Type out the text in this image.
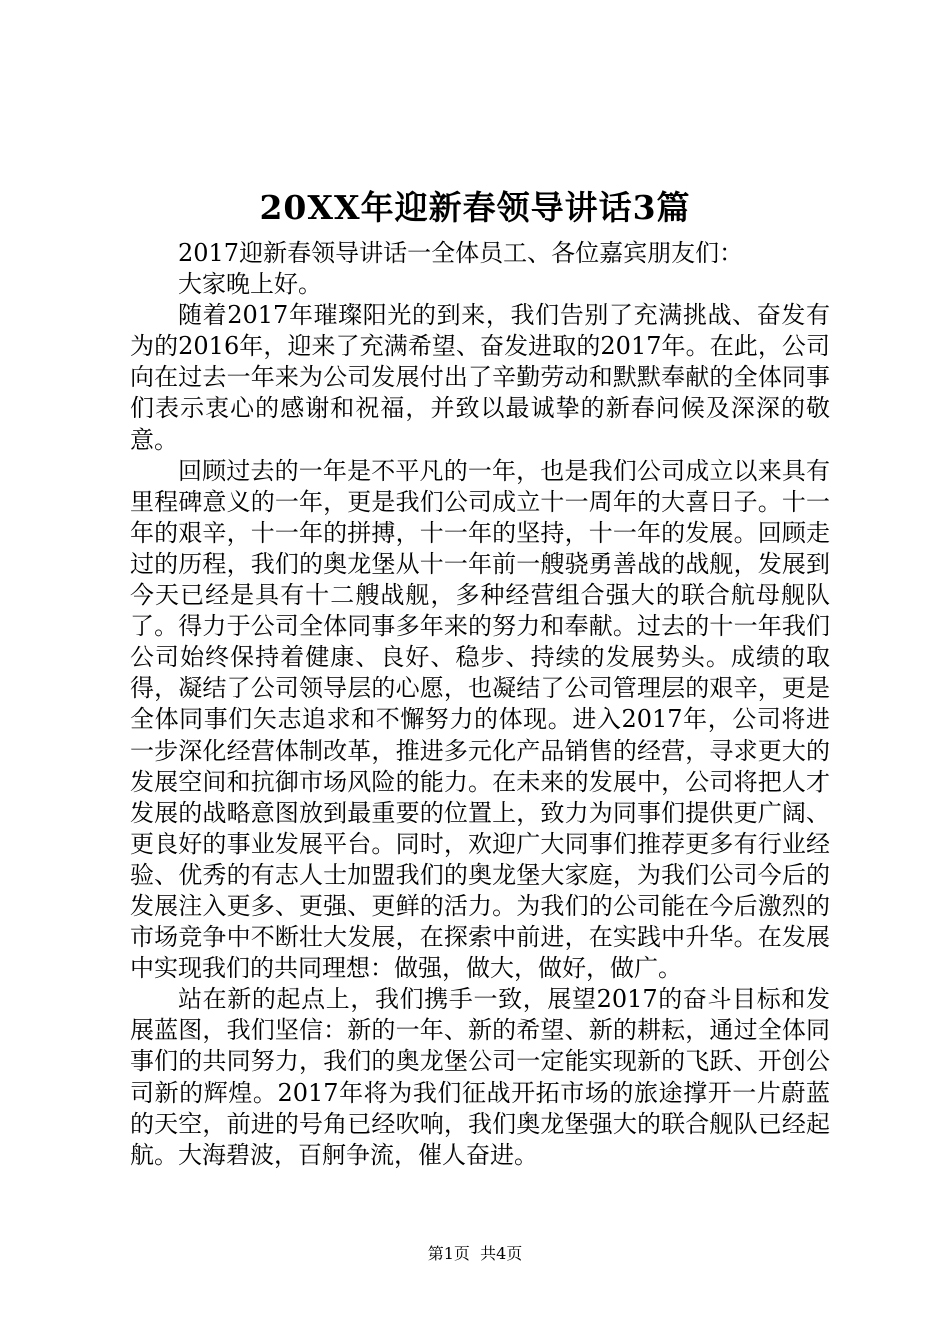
20XX年迎新春领导讲话3篇

2017迎新春领导讲话一全体员工、各位嘉宾朋友们：

大家晚上好。

随着2017年璀璨阳光的到来，我们告别了充满挑战、奋发有为的2016年，迎来了充满希望、奋发进取的2017年。在此，公司向在过去一年来为公司发展付出了辛勤劳动和默默奉献的全体同事们表示衷心的感谢和祝福，并致以最诚挚的新春问候及深深的敬意。

回顾过去的一年是不平凡的一年，也是我们公司成立以来具有里程碑意义的一年，更是我们公司成立十一周年的大喜日子。十一年的艰辛，十一年的拼搏，十一年的坚持，十一年的发展。回顾走过的历程，我们的奥龙堡从十一年前一艘骁勇善战的战舰，发展到今天已经是具有十二艘战舰，多种经营组合强大的联合航母舰队了。得力于公司全体同事多年来的努力和奉献。过去的十一年我们公司始终保持着健康、良好、稳步、持续的发展势头。成绩的取得，凝结了公司领导层的心愿，也凝结了公司管理层的艰辛，更是全体同事们矢志追求和不懈努力的体现。进入2017年，公司将进一步深化经营体制改革，推进多元化产品销售的经营，寻求更大的发展空间和抗御市场风险的能力。在未来的发展中，公司将把人才发展的战略意图放到最重要的位置上，致力为同事们提供更广阔、更良好的事业发展平台。同时，欢迎广大同事们推荐更多有行业经验、优秀的有志人士加盟我们的奥龙堡大家庭，为我们公司今后的发展注入更多、更强、更鲜的活力。为我们的公司能在今后激烈的市场竞争中不断壮大发展，在探索中前进，在实践中升华。在发展中实现我们的共同理想：做强，做大，做好，做广。

站在新的起点上，我们携手一致，展望2017的奋斗目标和发展蓝图，我们坚信：新的一年、新的希望、新的耕耘，通过全体同事们的共同努力，我们的奥龙堡公司一定能实现新的飞跃、开创公司新的辉煌。2017年将为我们征战开拓市场的旅途撑开一片蔚蓝的天空，前进的号角已经吹响，我们奥龙堡强大的联合舰队已经起航。大海碧波，百舸争流，催人奋进。

第1页  共4页
